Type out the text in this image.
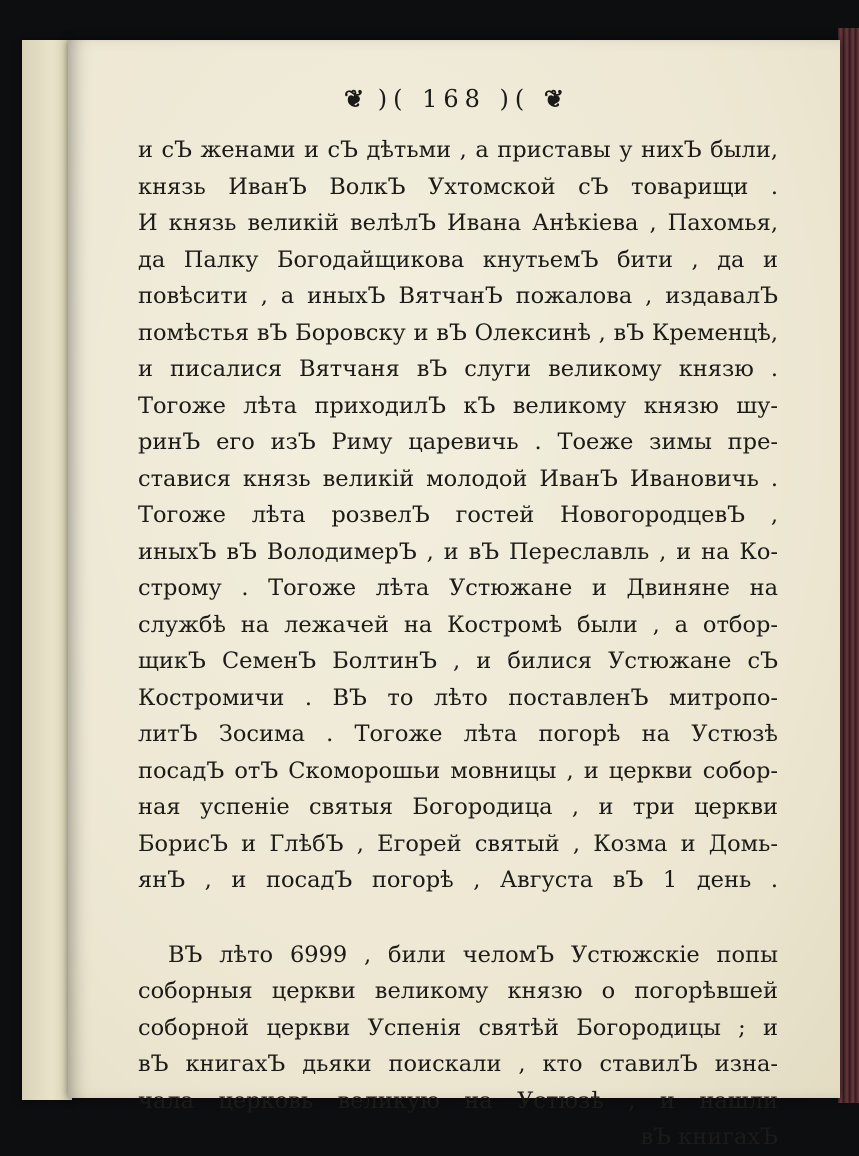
❦ )( 168 )( ❦
и сЪ женами и сЪ дѣтьми , а приставы у нихЪ были,
князь ИванЪ ВолкЪ Ухтомской сЪ товарищи .
И князь великій велѣлЪ Ивана Анѣкіева , Пахомья,
да Палку Богодайщикова кнутьемЪ бити , да и
повѣсити , а иныхЪ ВятчанЪ пожалова , издавалЪ
помѣстья вЪ Боровску и вЪ Олексинѣ , вЪ Кременцѣ,
и писалися Вятчаня вЪ слуги великому князю .
Тогоже лѣта приходилЪ кЪ великому князю шу-
ринЪ его изЪ Риму царевичь . Тоеже зимы пре-
ставися князь великій молодой ИванЪ Ивановичь .
Тогоже лѣта розвелЪ гостей НовогородцевЪ ,
иныхЪ вЪ ВолодимерЪ , и вЪ Переславль , и на Ко-
строму . Тогоже лѣта Устюжане и Двиняне на
службѣ на лежачей на Костромѣ были , а отбор-
щикЪ СеменЪ БолтинЪ , и билися Устюжане сЪ
Костромичи . ВЪ то лѣто поставленЪ митропо-
литЪ Зосима . Тогоже лѣта погорѣ на Устюзѣ
посадЪ отЪ Скоморошьи мовницы , и церкви собор-
ная успеніе святыя Богородица , и три церкви
БорисЪ и ГлѣбЪ , Егорей святый , Козма и Домь-
янЪ , и посадЪ погорѣ , Августа вЪ 1 день .
ВЪ лѣто 6999 , били челомЪ Устюжскіе попы
соборныя церкви великому князю о погорѣвшей
соборной церкви Успенія святѣй Богородицы ; и
вЪ книгахЪ дьяки поискали , кто ставилЪ изна-
чала церковь великую на Устюзѣ , и нашли
вЪ книгахЪ
